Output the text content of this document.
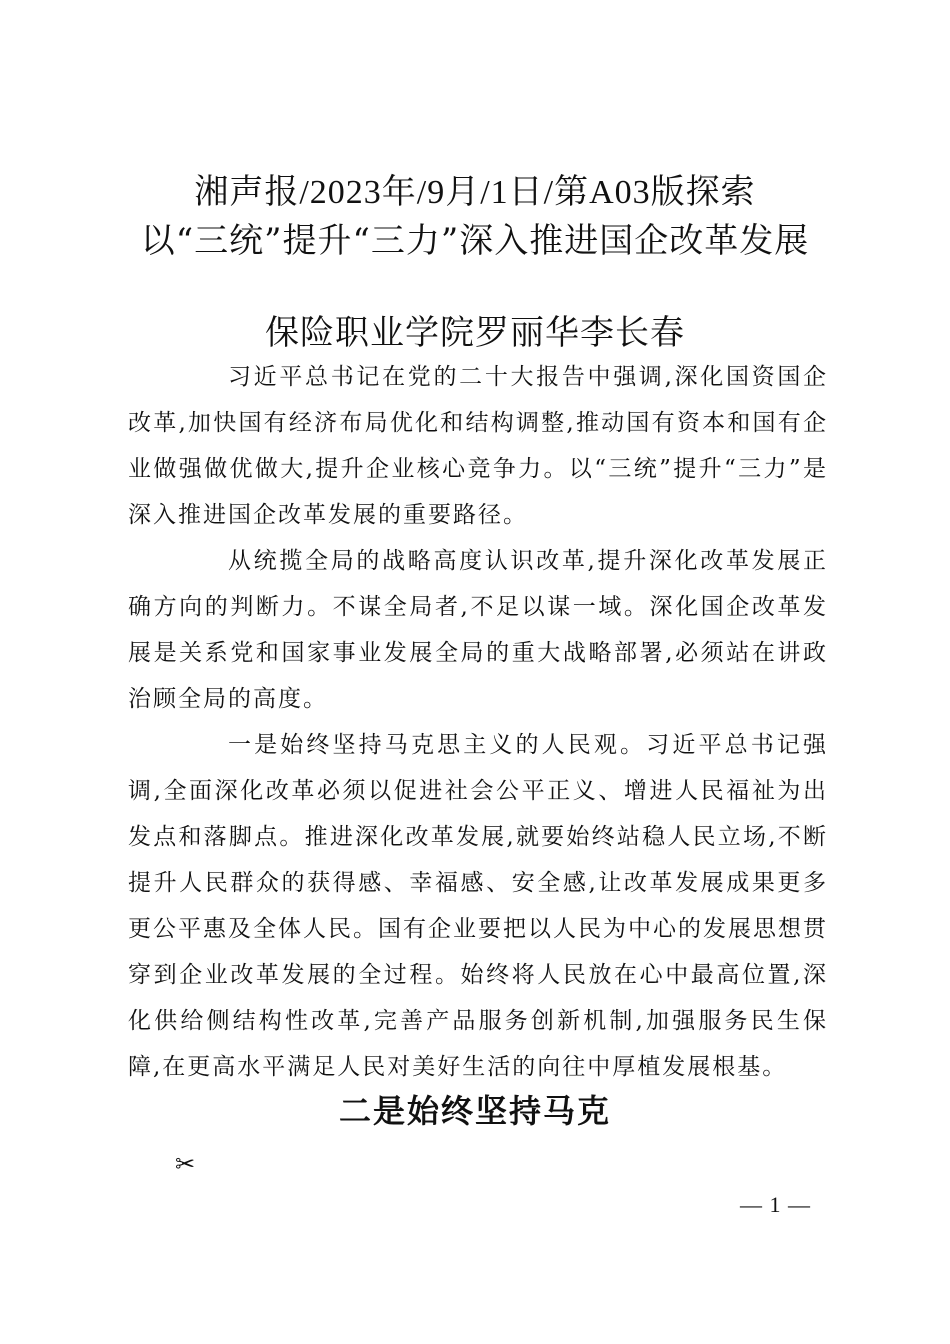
湘声报/2023年/9月/1日/第A03版探索
以“三统”提升“三力”深入推进国企改革发展
保险职业学院罗丽华李长春

习近平总书记在党的二十大报告中强调,深化国资国企改革,加快国有经济布局优化和结构调整,推动国有资本和国有企业做强做优做大,提升企业核心竞争力。以“三统”提升“三力”是深入推进国企改革发展的重要路径。

从统揽全局的战略高度认识改革,提升深化改革发展正确方向的判断力。不谋全局者,不足以谋一域。深化国企改革发展是关系党和国家事业发展全局的重大战略部署,必须站在讲政治顾全局的高度。

一是始终坚持马克思主义的人民观。习近平总书记强调,全面深化改革必须以促进社会公平正义、增进人民福祉为出发点和落脚点。推进深化改革发展,就要始终站稳人民立场,不断提升人民群众的获得感、幸福感、安全感,让改革发展成果更多更公平惠及全体人民。国有企业要把以人民为中心的发展思想贯穿到企业改革发展的全过程。始终将人民放在心中最高位置,深化供给侧结构性改革,完善产品服务创新机制,加强服务民生保障,在更高水平满足人民对美好生活的向往中厚植发展根基。

二是始终坚持马克
✂
— 1 —
